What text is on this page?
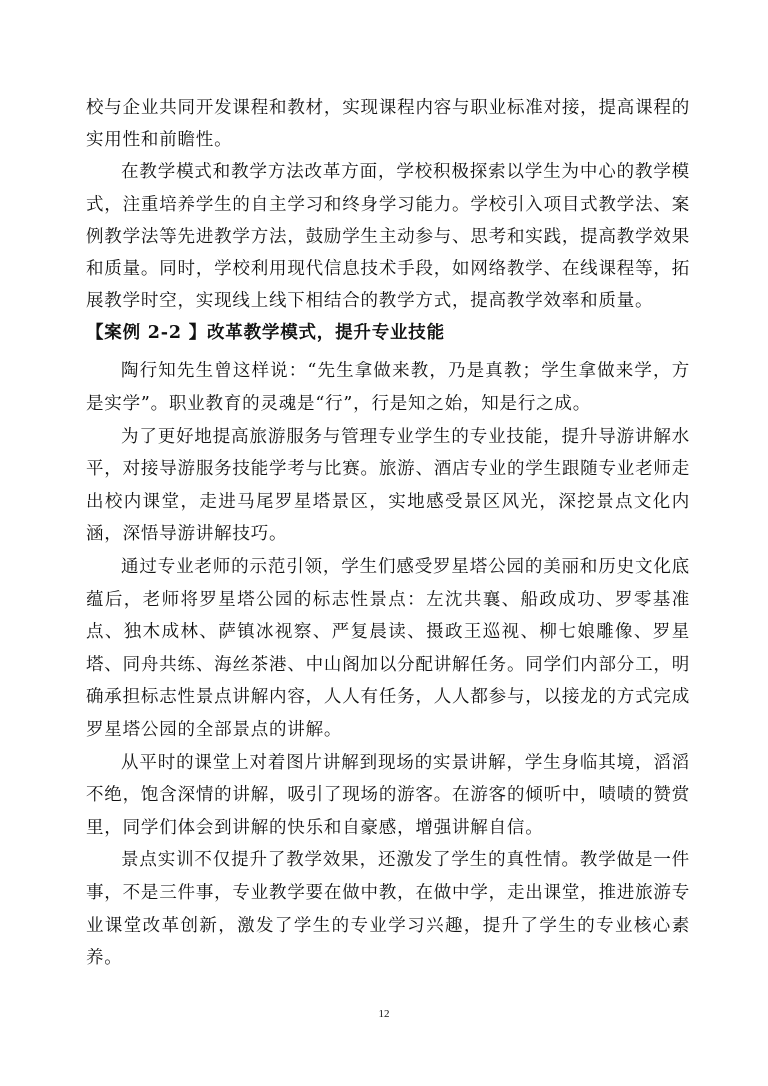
校与企业共同开发课程和教材，实现课程内容与职业标准对接，提高课程的实用性和前瞻性。

在教学模式和教学方法改革方面，学校积极探索以学生为中心的教学模式，注重培养学生的自主学习和终身学习能力。学校引入项目式教学法、案例教学法等先进教学方法，鼓励学生主动参与、思考和实践，提高教学效果和质量。同时，学校利用现代信息技术手段，如网络教学、在线课程等，拓展教学时空，实现线上线下相结合的教学方式，提高教学效率和质量。

【案例 2-2 】改革教学模式，提升专业技能

陶行知先生曾这样说：“先生拿做来教，乃是真教；学生拿做来学，方是实学”。职业教育的灵魂是“行”，行是知之始，知是行之成。

为了更好地提高旅游服务与管理专业学生的专业技能，提升导游讲解水平，对接导游服务技能学考与比赛。旅游、酒店专业的学生跟随专业老师走出校内课堂，走进马尾罗星塔景区，实地感受景区风光，深挖景点文化内涵，深悟导游讲解技巧。

通过专业老师的示范引领，学生们感受罗星塔公园的美丽和历史文化底蕴后，老师将罗星塔公园的标志性景点：左沈共襄、船政成功、罗零基准点、独木成林、萨镇冰视察、严复晨读、摄政王巡视、柳七娘雕像、罗星塔、同舟共练、海丝茶港、中山阁加以分配讲解任务。同学们内部分工，明确承担标志性景点讲解内容，人人有任务，人人都参与，以接龙的方式完成罗星塔公园的全部景点的讲解。

从平时的课堂上对着图片讲解到现场的实景讲解，学生身临其境，滔滔不绝，饱含深情的讲解，吸引了现场的游客。在游客的倾听中，啧啧的赞赏里，同学们体会到讲解的快乐和自豪感，增强讲解自信。

景点实训不仅提升了教学效果，还激发了学生的真性情。教学做是一件事，不是三件事，专业教学要在做中教，在做中学，走出课堂，推进旅游专业课堂改革创新，激发了学生的专业学习兴趣，提升了学生的专业核心素养。

12
